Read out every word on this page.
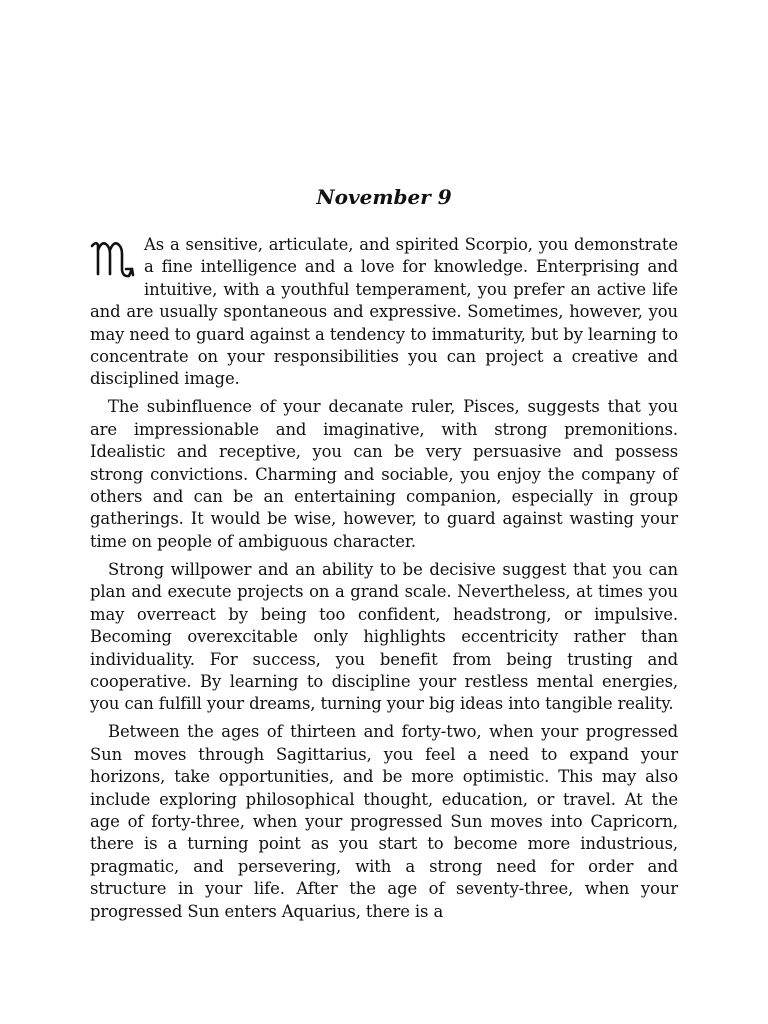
November 9

As a sensitive, articulate, and spirited Scorpio, you demonstrate a fine intelligence and a love for knowledge. Enterprising and intuitive, with a youthful temperament, you prefer an active life and are usually spontaneous and expressive. Sometimes, however, you may need to guard against a tendency to immaturity, but by learning to concentrate on your responsibilities you can project a creative and disciplined image.

The subinfluence of your decanate ruler, Pisces, suggests that you are impressionable and imaginative, with strong premonitions. Idealistic and receptive, you can be very persuasive and possess strong convictions. Charming and sociable, you enjoy the company of others and can be an entertaining companion, especially in group gatherings. It would be wise, however, to guard against wasting your time on people of ambiguous character.

Strong willpower and an ability to be decisive suggest that you can plan and execute projects on a grand scale. Nevertheless, at times you may overreact by being too confident, headstrong, or impulsive. Becoming overexcitable only highlights eccentricity rather than individuality. For success, you benefit from being trusting and cooperative. By learning to discipline your restless mental energies, you can fulfill your dreams, turning your big ideas into tangible reality.

Between the ages of thirteen and forty-two, when your progressed Sun moves through Sagittarius, you feel a need to expand your horizons, take opportunities, and be more optimistic. This may also include exploring philosophical thought, education, or travel. At the age of forty-three, when your progressed Sun moves into Capricorn, there is a turning point as you start to become more industrious, pragmatic, and persevering, with a strong need for order and structure in your life. After the age of seventy-three, when your progressed Sun enters Aquarius, there is a
